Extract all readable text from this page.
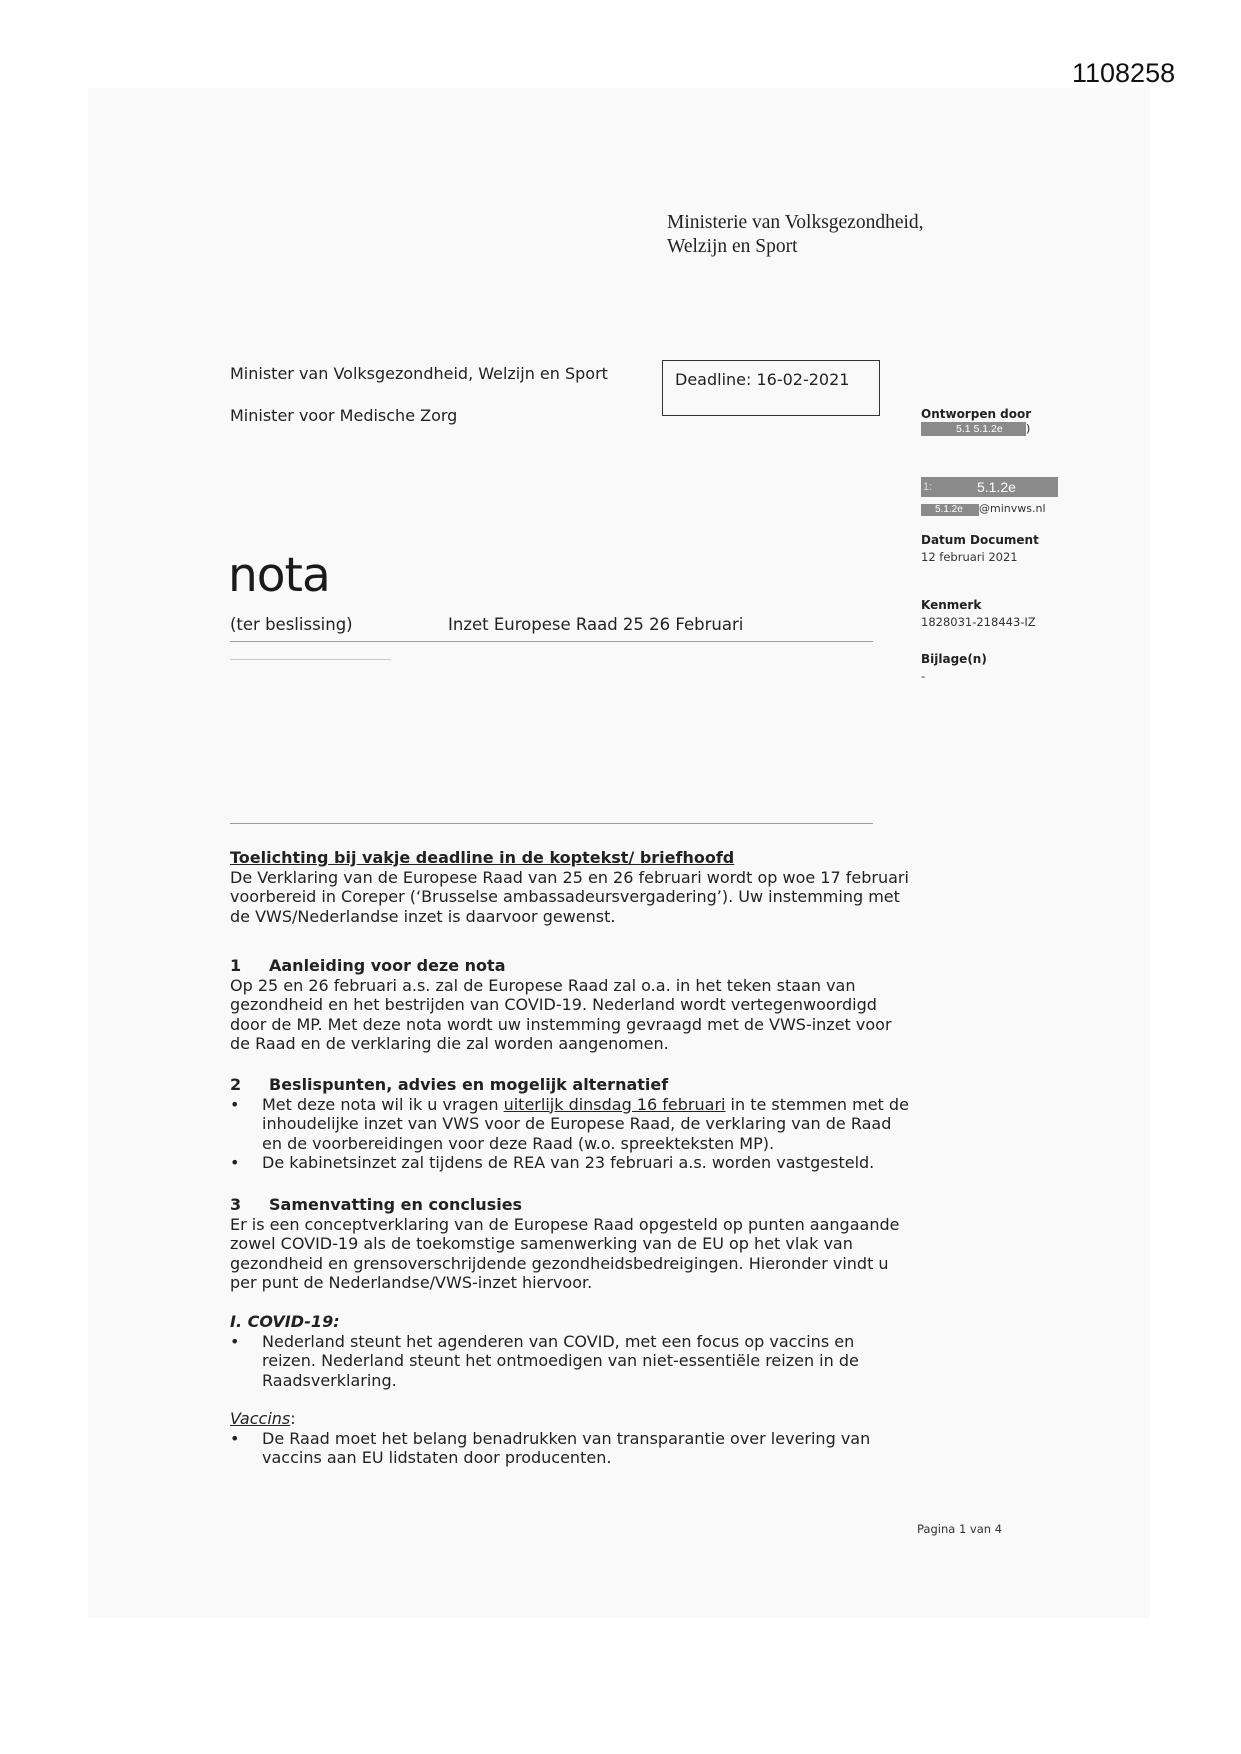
1108258
Ministerie van Volksgezondheid,
Welzijn en Sport
Minister van Volksgezondheid, Welzijn en Sport
Minister voor Medische Zorg
Deadline: 16-02-2021
Ontworpen door
5.1 5.1.2e )
1:	5.1.2e
5.1.2e @minvws.nl
Datum Document
12 februari 2021
Kenmerk
1828031-218443-IZ
Bijlage(n)
-
nota
(ter beslissing)	Inzet Europese Raad 25 26 Februari

Toelichting bij vakje deadline in de koptekst/ briefhoofd

De Verklaring van de Europese Raad van 25 en 26 februari wordt op woe 17 februari voorbereid in Coreper (‘Brusselse ambassadeursvergadering’). Uw instemming met de VWS/Nederlandse inzet is daarvoor gewenst.

1	Aanleiding voor deze nota

Op 25 en 26 februari a.s. zal de Europese Raad zal o.a. in het teken staan van gezondheid en het bestrijden van COVID-19. Nederland wordt vertegenwoordigd door de MP. Met deze nota wordt uw instemming gevraagd met de VWS-inzet voor de Raad en de verklaring die zal worden aangenomen.

2	Beslispunten, advies en mogelijk alternatief
• Met deze nota wil ik u vragen uiterlijk dinsdag 16 februari in te stemmen met de inhoudelijke inzet van VWS voor de Europese Raad, de verklaring van de Raad en de voorbereidingen voor deze Raad (w.o. spreekteksten MP).
• De kabinetsinzet zal tijdens de REA van 23 februari a.s. worden vastgesteld.
3	Samenvatting en conclusies

Er is een conceptverklaring van de Europese Raad opgesteld op punten aangaande zowel COVID-19 als de toekomstige samenwerking van de EU op het vlak van gezondheid en grensoverschrijdende gezondheidsbedreigingen. Hieronder vindt u per punt de Nederlandse/VWS-inzet hiervoor.

I. COVID-19:

• Nederland steunt het agenderen van COVID, met een focus op vaccins en reizen. Nederland steunt het ontmoedigen van niet-essentiële reizen in de Raadsverklaring.

Vaccins:

• De Raad moet het belang benadrukken van transparantie over levering van vaccins aan EU lidstaten door producenten.
Pagina 1 van 4
